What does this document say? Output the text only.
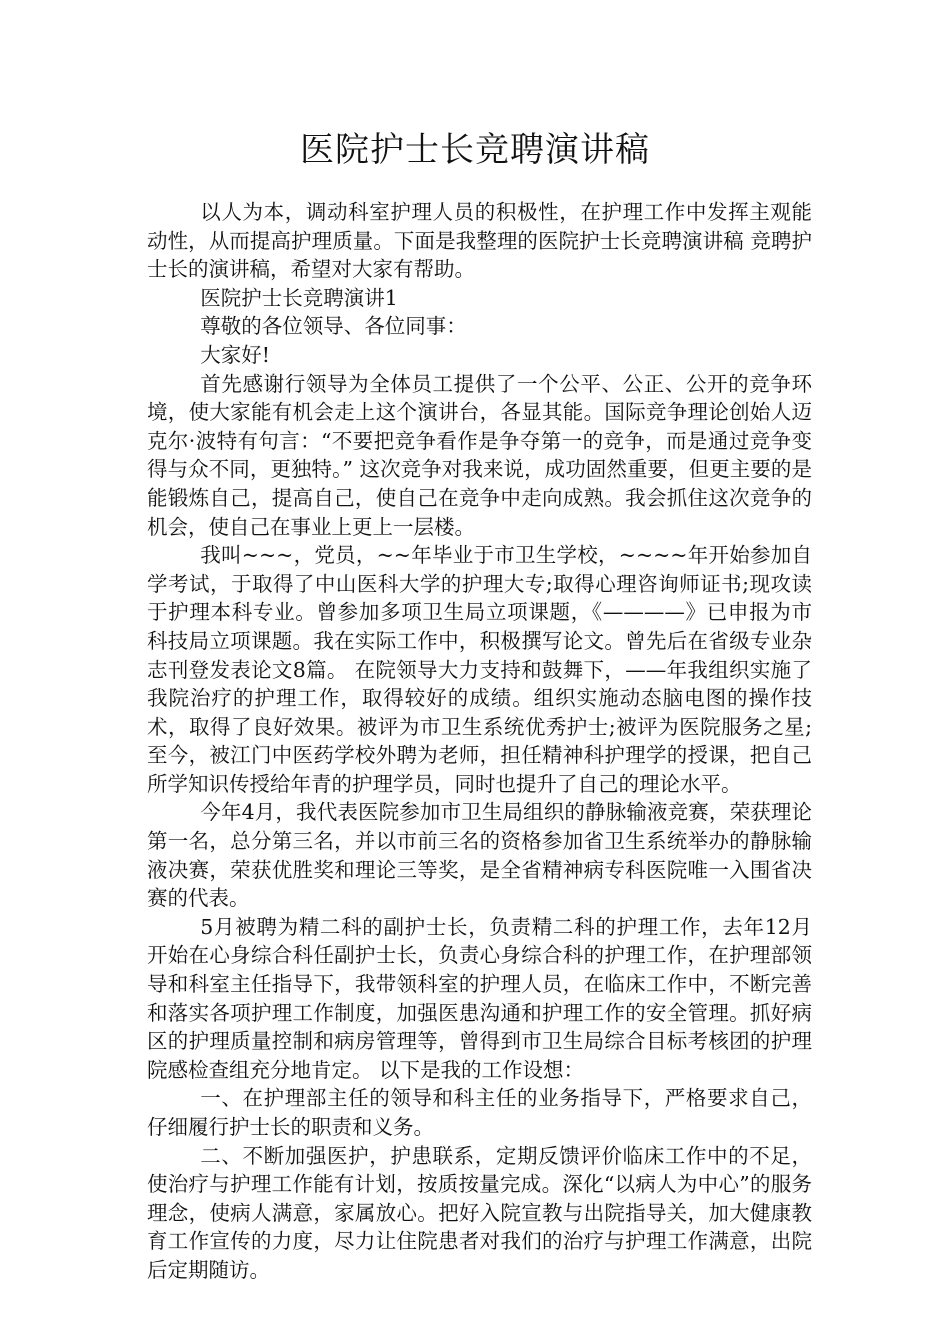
医院护士长竞聘演讲稿

以人为本，调动科室护理人员的积极性，在护理工作中发挥主观能动性，从而提高护理质量。下面是我整理的医院护士长竞聘演讲稿 竞聘护士长的演讲稿，希望对大家有帮助。

医院护士长竞聘演讲1

尊敬的各位领导、各位同事：

大家好!

首先感谢行领导为全体员工提供了一个公平、公正、公开的竞争环境，使大家能有机会走上这个演讲台，各显其能。国际竞争理论创始人迈克尔·波特有句言：“不要把竞争看作是争夺第一的竞争，而是通过竞争变得与众不同，更独特。” 这次竞争对我来说，成功固然重要，但更主要的是能锻炼自己，提高自己，使自己在竞争中走向成熟。我会抓住这次竞争的机会，使自己在事业上更上一层楼。

我叫~~~，党员，~~年毕业于市卫生学校，~~~~年开始参加自学考试，于取得了中山医科大学的护理大专;取得心理咨询师证书;现攻读于护理本科专业。曾参加多项卫生局立项课题，《————》已申报为市科技局立项课题。我在实际工作中，积极撰写论文。曾先后在省级专业杂志刊登发表论文8篇。 在院领导大力支持和鼓舞下，——年我组织实施了我院治疗的护理工作，取得较好的成绩。组织实施动态脑电图的操作技术，取得了良好效果。被评为市卫生系统优秀护士;被评为医院服务之星;至今，被江门中医药学校外聘为老师，担任精神科护理学的授课，把自己所学知识传授给年青的护理学员，同时也提升了自己的理论水平。

今年4月，我代表医院参加市卫生局组织的静脉输液竞赛，荣获理论第一名，总分第三名，并以市前三名的资格参加省卫生系统举办的静脉输液决赛，荣获优胜奖和理论三等奖，是全省精神病专科医院唯一入围省决赛的代表。

5月被聘为精二科的副护士长，负责精二科的护理工作，去年12月开始在心身综合科任副护士长，负责心身综合科的护理工作，在护理部领导和科室主任指导下，我带领科室的护理人员，在临床工作中，不断完善和落实各项护理工作制度，加强医患沟通和护理工作的安全管理。抓好病区的护理质量控制和病房管理等，曾得到市卫生局综合目标考核团的护理院感检查组充分地肯定。 以下是我的工作设想：

一、在护理部主任的领导和科主任的业务指导下，严格要求自己，仔细履行护士长的职责和义务。

二、不断加强医护，护患联系，定期反馈评价临床工作中的不足，使治疗与护理工作能有计划，按质按量完成。深化“以病人为中心”的服务理念，使病人满意，家属放心。把好入院宣教与出院指导关，加大健康教育工作宣传的力度，尽力让住院患者对我们的治疗与护理工作满意，出院后定期随访。
